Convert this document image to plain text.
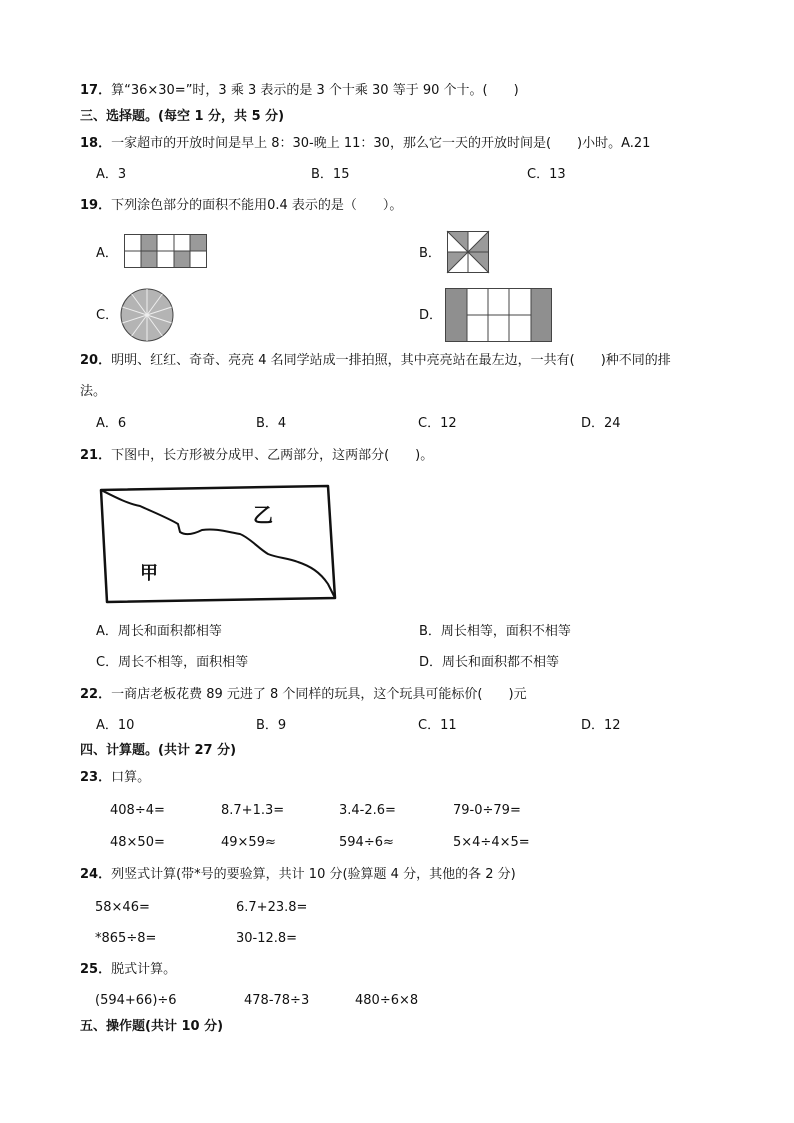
17．算“36×30=”时，3 乘 3 表示的是 3 个十乘 30 等于 90 个十。(　　)
三、选择题。(每空 1 分，共 5 分)
18．一家超市的开放时间是早上 8：30-晚上 11：30，那么它一天的开放时间是(　　)小时。A.21
A．3	B．15	C．13
19．下列涂色部分的面积不能用0.4 表示的是（　　）。
A．	B．
C．	D．
20．明明、红红、奇奇、亮亮 4 名同学站成一排拍照，其中亮亮站在最左边，一共有(　　)种不同的排
法。
A．6	B．4	C．12	D．24
21．下图中，长方形被分成甲、乙两部分，这两部分(　　)。
乙
甲
A．周长和面积都相等	B．周长相等，面积不相等
C．周长不相等，面积相等	D．周长和面积都不相等
22．一商店老板花费 89 元进了 8 个同样的玩具，这个玩具可能标价(　　)元
A．10	B．9	C．11	D．12
四、计算题。(共计 27 分)
23．口算。
408÷4=	8.7+1.3=	3.4-2.6=	79-0÷79=
48×50=	49×59≈	594÷6≈	5×4÷4×5=
24．列竖式计算(带*号的要验算，共计 10 分(验算题 4 分，其他的各 2 分)
58×46=	6.7+23.8=
*865÷8=	30-12.8=
25．脱式计算。
(594+66)÷6	478-78÷3	480÷6×8
五、操作题(共计 10 分)
